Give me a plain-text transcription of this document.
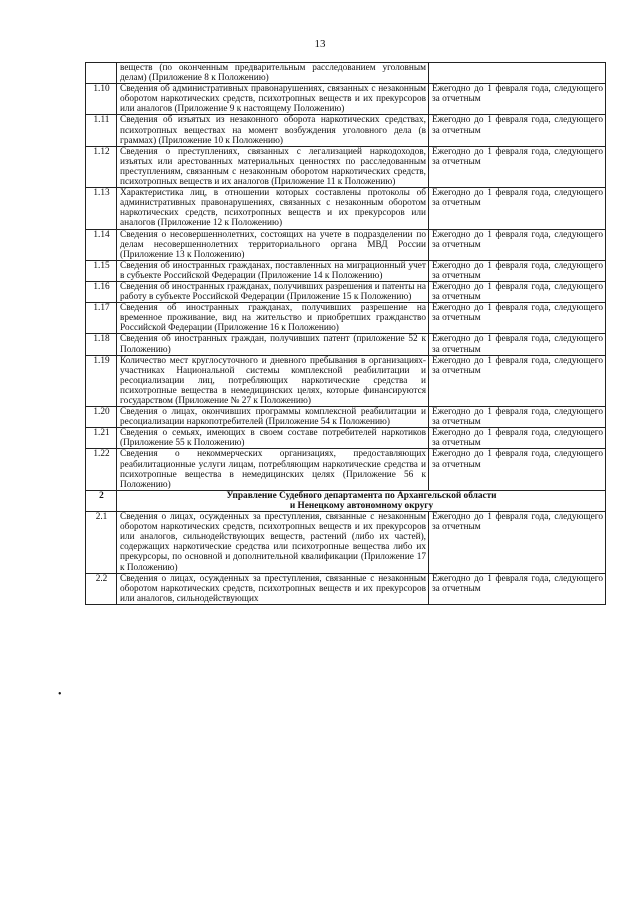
13
	веществ (по оконченным предварительным расследованием уголовным делам) (Приложение 8 к Положению)	
1.10	Сведения об административных правонарушениях, связанных с незаконным оборотом наркотических средств, психотропных веществ и их прекурсоров или аналогов (Приложение 9 к настоящему Положению)	Ежегодно до 1 февраля года, следующего за отчетным
1.11	Сведения об изъятых из незаконного оборота наркотических средствах, психотропных веществах на момент возбуждения уголовного дела (в граммах) (Приложение 10 к Положению)	Ежегодно до 1 февраля года, следующего за отчетным
1.12	Сведения о преступлениях, связанных с легализацией наркодоходов, изъятых или арестованных материальных ценностях по расследованным преступлениям, связанным с незаконным оборотом наркотических средств, психотропных веществ и их аналогов (Приложение 11 к Положению)	Ежегодно до 1 февраля года, следующего за отчетным
1.13	Характеристика лиц, в отношении которых составлены протоколы об административных правонарушениях, связанных с незаконным оборотом наркотических средств, психотропных веществ и их прекурсоров или аналогов (Приложение 12 к Положению)	Ежегодно до 1 февраля года, следующего за отчетным
1.14	Сведения о несовершеннолетних, состоящих на учете в подразделении по делам несовершеннолетних территориального органа МВД России (Приложение 13 к Положению)	Ежегодно до 1 февраля года, следующего за отчетным
1.15	Сведения об иностранных гражданах, поставленных на миграционный учет в субъекте Российской Федерации (Приложение 14 к Положению)	Ежегодно до 1 февраля года, следующего за отчетным
1.16	Сведения об иностранных гражданах, получивших разрешения и патенты на работу в субъекте Российской Федерации (Приложение 15 к Положению)	Ежегодно до 1 февраля года, следующего за отчетным
1.17	Сведения об иностранных гражданах, получивших разрешение на временное проживание, вид на жительство и приобретших гражданство Российской Федерации (Приложение 16 к Положению)	Ежегодно до 1 февраля года, следующего за отчетным
1.18	Сведения об иностранных граждан, получивших патент (приложение 52 к Положению)	Ежегодно до 1 февраля года, следующего за отчетным
1.19	Количество мест круглосуточного и дневного пребывания в организациях-участниках Национальной системы комплексной реабилитации и ресоциализации лиц, потребляющих наркотические средства и психотропные вещества в немедицинских целях, которые финансируются государством (Приложение № 27 к Положению)	Ежегодно до 1 февраля года, следующего за отчетным
1.20	Сведения о лицах, окончивших программы комплексной реабилитации и ресоциализации наркопотребителей (Приложение 54 к Положению)	Ежегодно до 1 февраля года, следующего за отчетным
1.21	Сведения о семьях, имеющих в своем составе потребителей наркотиков (Приложение 55 к Положению)	Ежегодно до 1 февраля года, следующего за отчетным
1.22	Сведения о некоммерческих организациях, предоставляющих реабилитационные услуги лицам, потребляющим наркотические средства и психотропные вещества в немедицинских целях (Приложение 56 к Положению)	Ежегодно до 1 февраля года, следующего за отчетным
2	Управление Судебного департамента по Архангельской области
и Ненецкому автономному округу	

2.1	Сведения о лицах, осужденных за преступления, связанные с незаконным оборотом наркотических средств, психотропных веществ и их прекурсоров или аналогов, сильнодействующих веществ, растений (либо их частей), содержащих наркотические средства или психотропные вещества либо их прекурсоры, по основной и дополнительной квалификации (Приложение 17 к Положению)	Ежегодно до 1 февраля года, следующего за отчетным
2.2	Сведения о лицах, осужденных за преступления, связанные с незаконным оборотом наркотических средств, психотропных веществ и их прекурсоров или аналогов, сильнодействующих	Ежегодно до 1 февраля года, следующего за отчетным
•
